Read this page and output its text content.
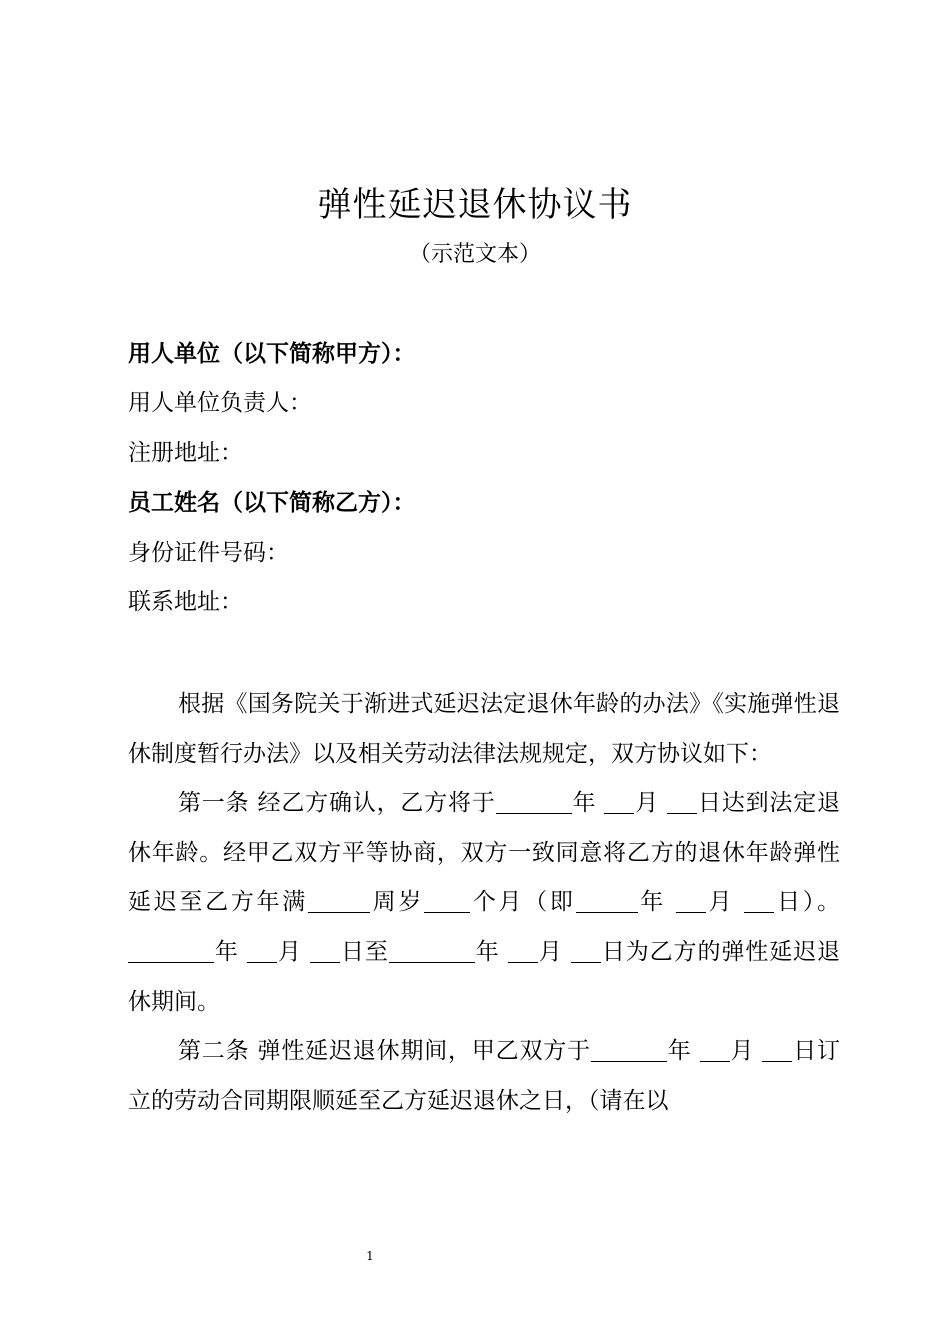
弹性延迟退休协议书
（示范文本）
用人单位（以下简称甲方）：
用人单位负责人：
注册地址：
员工姓名（以下简称乙方）：
身份证件号码：
联系地址：

根据《国务院关于渐进式延迟法定退休年龄的办法》《实施弹性退休制度暂行办法》以及相关劳动法律法规规定，双方协议如下：

第一条 经乙方确认，乙方将于	年 月 日达到法定退休年龄。经甲乙双方平等协商，双方一致同意将乙方的退休年龄弹性延迟至乙方年满	周岁 个月（即	年 月 日）。年 月 日至	年 月 日为乙方的弹性延迟退休期间。

第二条 弹性延迟退休期间，甲乙双方于	年 月 日订立的劳动合同期限顺延至乙方延迟退休之日，（请在以

1
